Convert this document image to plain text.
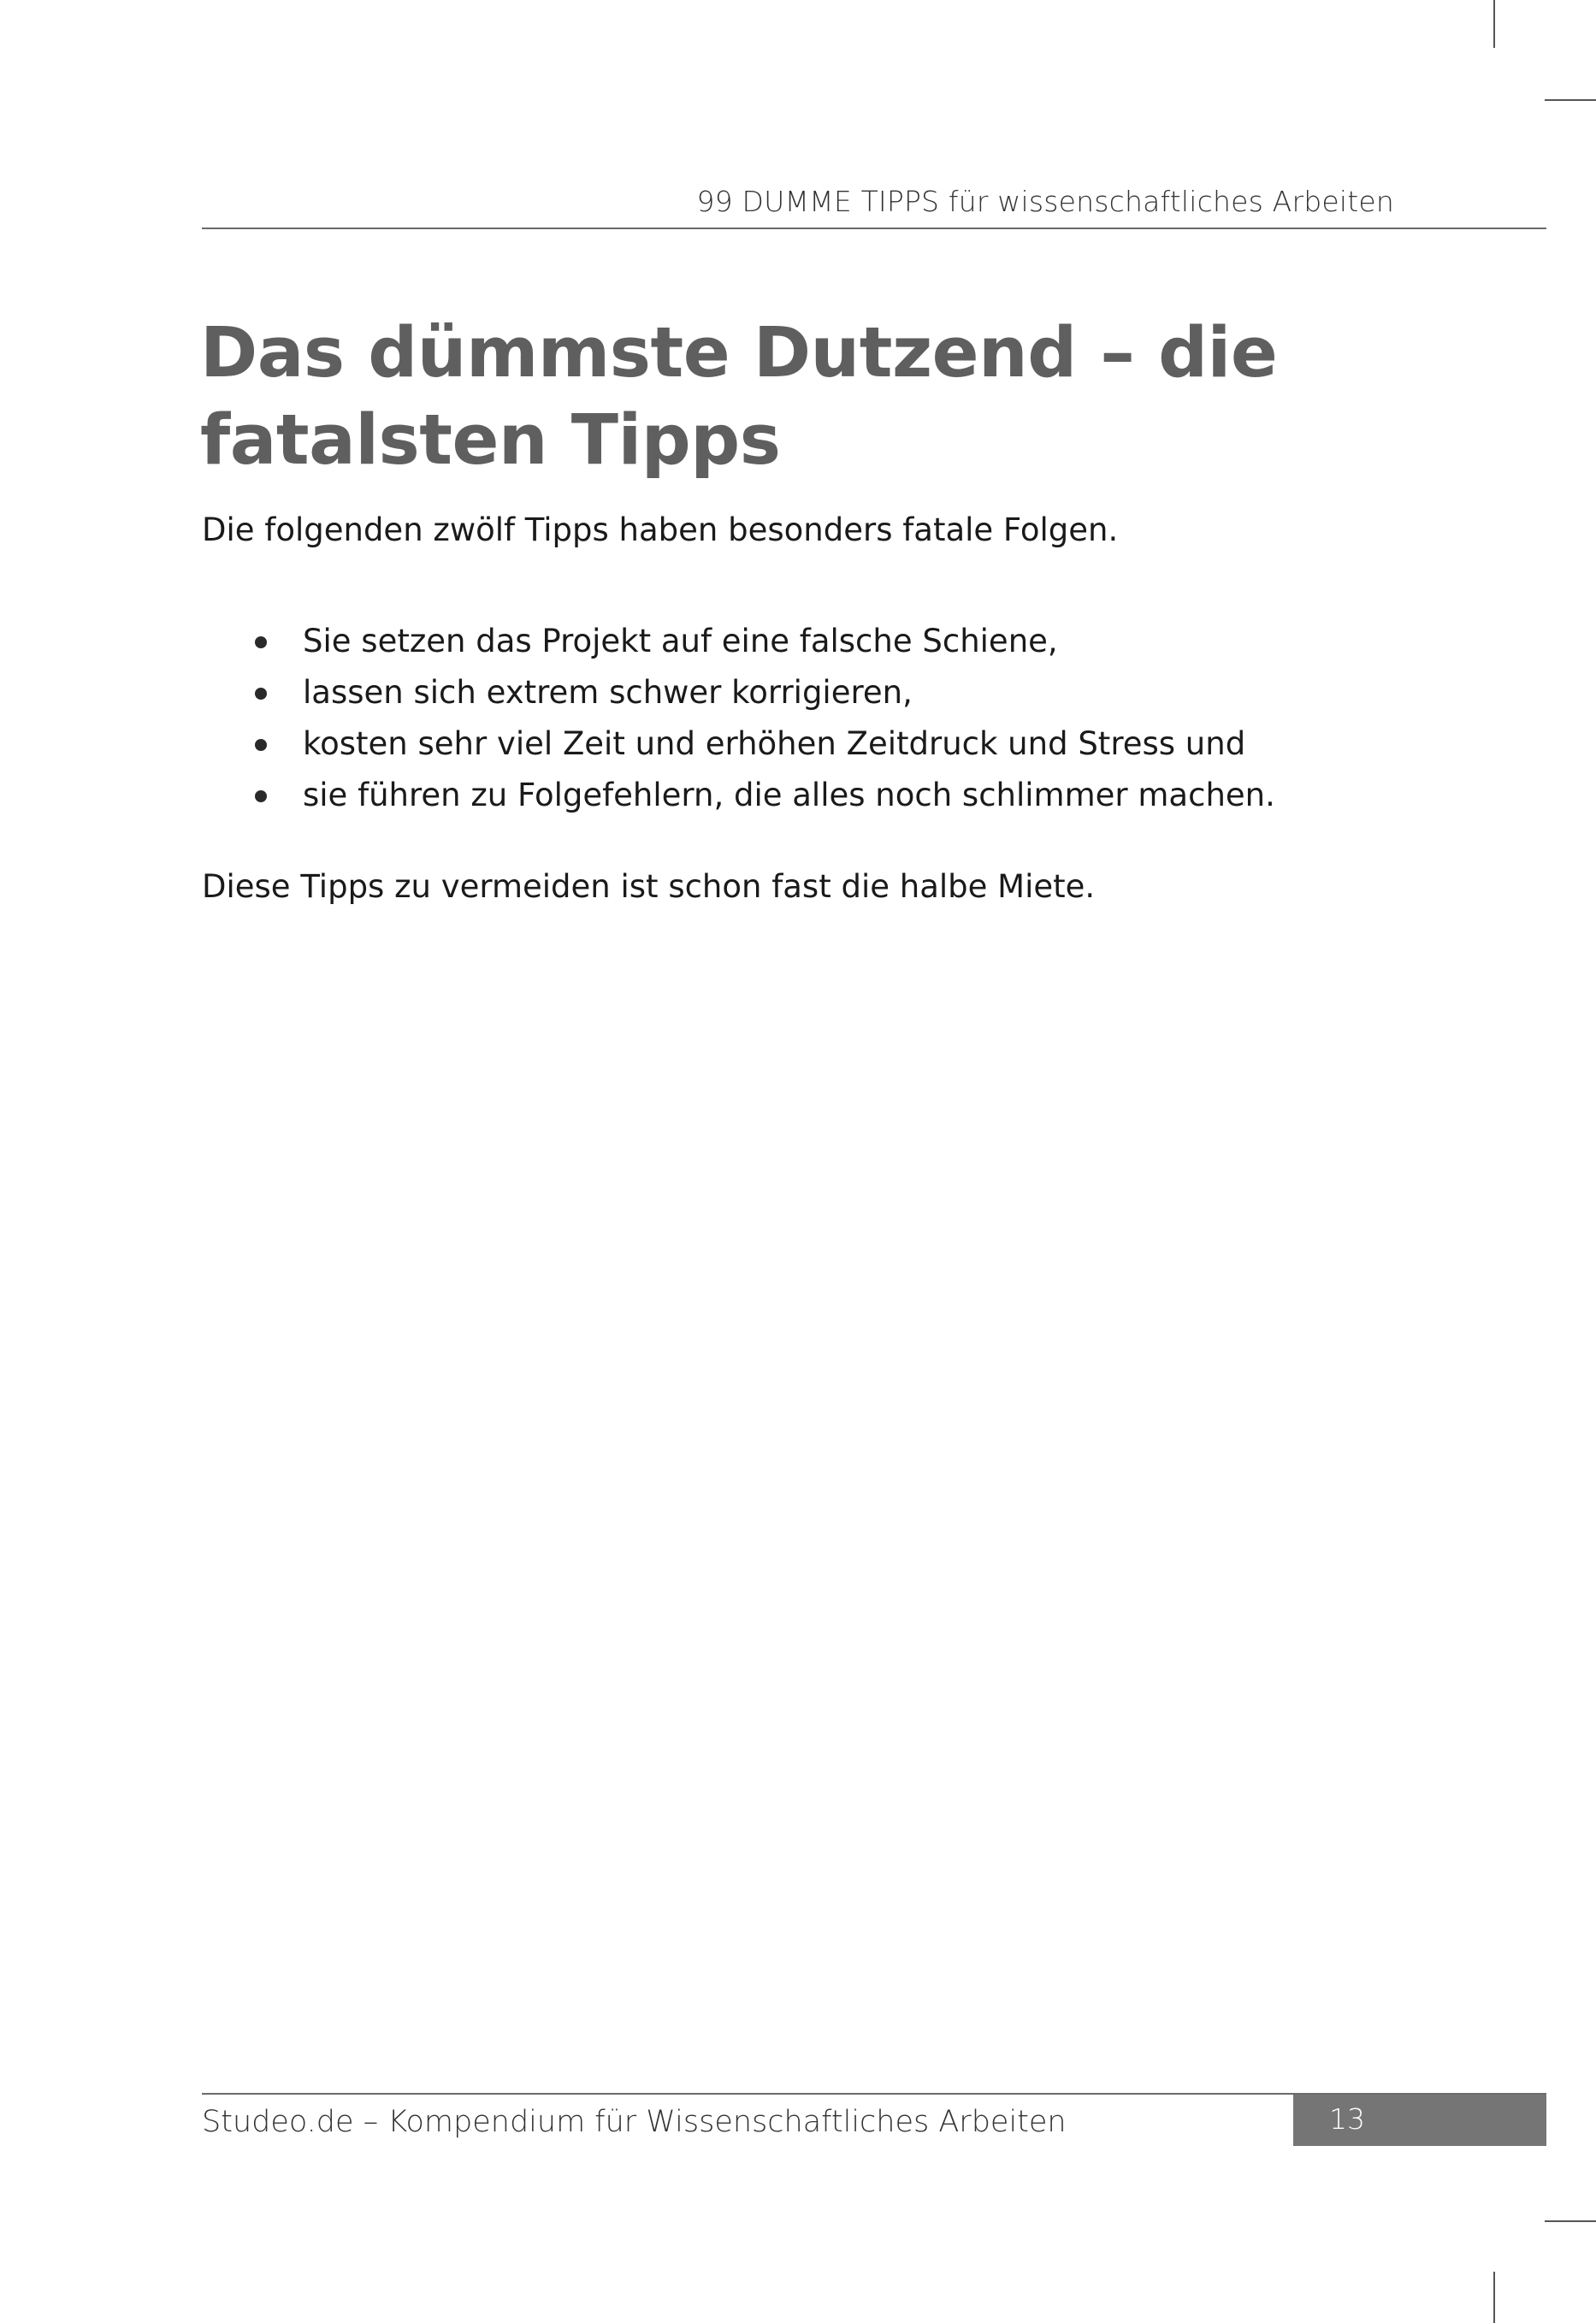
99 DUMME TIPPS für wissenschaftliches Arbeiten
Das dümmste Dutzend – die
fatalsten Tipps

Die folgenden zwölf Tipps haben besonders fatale Folgen.

Sie setzen das Projekt auf eine falsche Schiene,
lassen sich extrem schwer korrigieren,
kosten sehr viel Zeit und erhöhen Zeitdruck und Stress und
sie führen zu Folgefehlern, die alles noch schlimmer machen.

Diese Tipps zu vermeiden ist schon fast die halbe Miete.

Studeo.de – Kompendium für Wissenschaftliches Arbeiten	13
